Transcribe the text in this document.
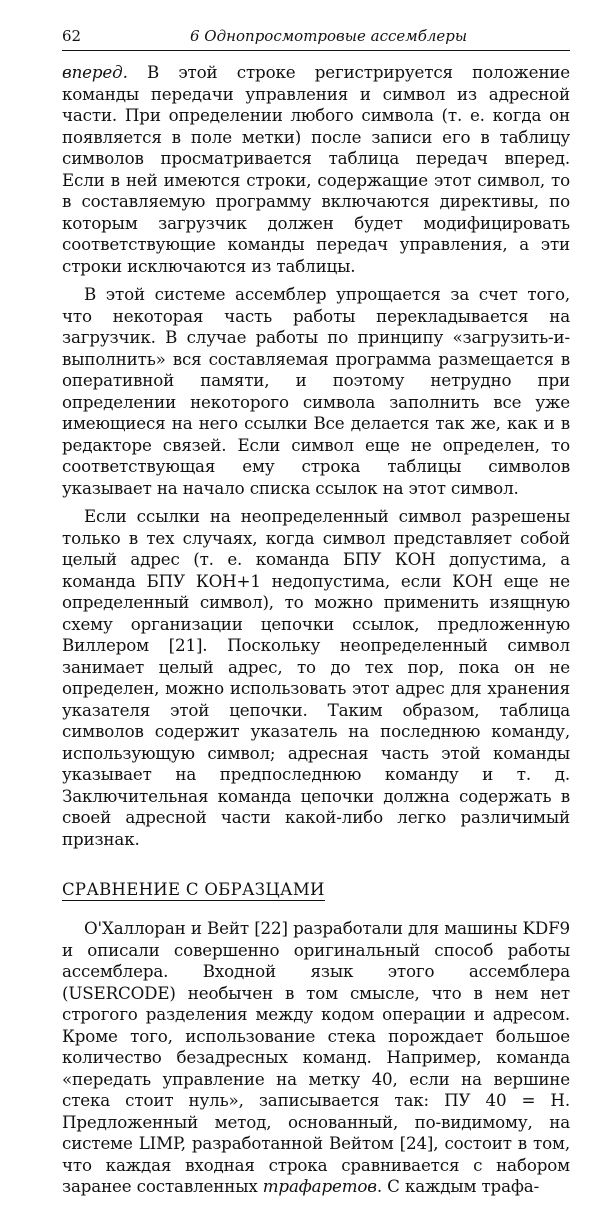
62	6 Однопросмотровые ассемблеры

вперед. В этой строке регистрируется положение команды передачи управления и символ из адресной части. При определении любого символа (т. е. когда он появляется в поле метки) после записи его в таблицу символов просматривается таблица передач вперед. Если в ней имеются строки, содержащие этот символ, то в составляемую программу включаются директивы, по которым загрузчик должен будет модифицировать соответствующие команды передач управления, а эти строки исключаются из таблицы.

В этой системе ассемблер упрощается за счет того, что некоторая часть работы перекладывается на загрузчик. В случае работы по принципу «загрузить-и-выполнить» вся составляемая программа размещается в оперативной памяти, и поэтому нетрудно при определении некоторого символа заполнить все уже имеющиеся на него ссылки Все делается так же, как и в редакторе связей. Если символ еще не определен, то соответствующая ему строка таблицы символов указывает на начало списка ссылок на этот символ.

Если ссылки на неопределенный символ разрешены только в тех случаях, когда символ представляет собой целый адрес (т. е. команда БПУ КОН допустима, а команда БПУ КОН+1 недопустима, если КОН еще не определенный символ), то можно применить изящную схему организации цепочки ссылок, предложенную Виллером [21]. Поскольку неопределенный символ занимает целый адрес, то до тех пор, пока он не определен, можно использовать этот адрес для хранения указателя этой цепочки. Таким образом, таблица символов содержит указатель на последнюю команду, использующую символ; адресная часть этой команды указывает на предпоследнюю команду и т. д. Заключительная команда цепочки должна содержать в своей адресной части какой-либо легко различимый признак.

СРАВНЕНИЕ С ОБРАЗЦАМИ

О'Халлоран и Вейт [22] разработали для машины KDF9 и описали совершенно оригинальный способ работы ассемблера. Входной язык этого ассемблера (USERCODE) необычен в том смысле, что в нем нет строгого разделения между кодом операции и адресом. Кроме того, использование стека порождает большое количество безадресных команд. Например, команда «передать управление на метку 40, если на вершине стека стоит нуль», записывается так: ПУ 40 = Н. Предложенный метод, основанный, по-видимому, на системе LIMP, разработанной Вейтом [24], состоит в том, что каждая входная строка сравнивается с набором заранее составленных трафаретов. С каждым трафа-
